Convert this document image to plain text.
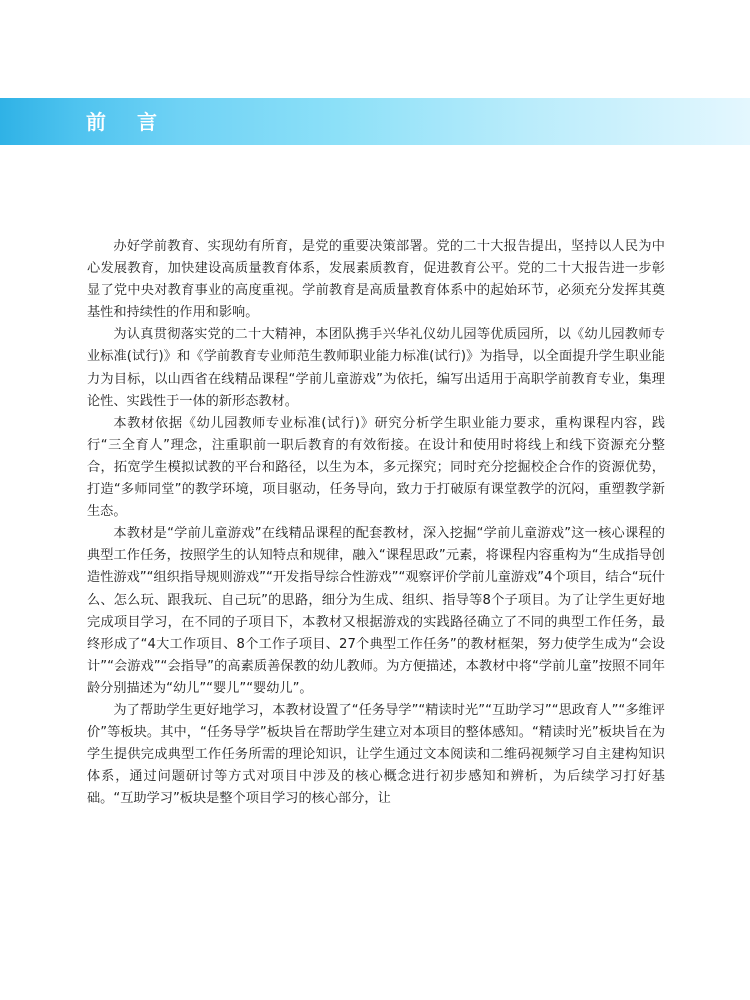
前 言

办好学前教育、实现幼有所育，是党的重要决策部署。党的二十大报告提出，坚持以人民为中心发展教育，加快建设高质量教育体系，发展素质教育，促进教育公平。党的二十大报告进一步彰显了党中央对教育事业的高度重视。学前教育是高质量教育体系中的起始环节，必须充分发挥其奠基性和持续性的作用和影响。

为认真贯彻落实党的二十大精神，本团队携手兴华礼仪幼儿园等优质园所，以《幼儿园教师专业标准(试行)》和《学前教育专业师范生教师职业能力标准(试行)》为指导，以全面提升学生职业能力为目标，以山西省在线精品课程“学前儿童游戏”为依托，编写出适用于高职学前教育专业，集理论性、实践性于一体的新形态教材。

本教材依据《幼儿园教师专业标准(试行)》研究分析学生职业能力要求，重构课程内容，践行“三全育人”理念，注重职前一职后教育的有效衔接。在设计和使用时将线上和线下资源充分整合，拓宽学生模拟试教的平台和路径，以生为本，多元探究；同时充分挖掘校企合作的资源优势，打造“多师同堂”的教学环境，项目驱动，任务导向，致力于打破原有课堂教学的沉闷，重塑教学新生态。

本教材是“学前儿童游戏”在线精品课程的配套教材，深入挖掘“学前儿童游戏”这一核心课程的典型工作任务，按照学生的认知特点和规律，融入“课程思政”元素，将课程内容重构为“生成指导创造性游戏”“组织指导规则游戏”“开发指导综合性游戏”“观察评价学前儿童游戏”4个项目，结合“玩什么、怎么玩、跟我玩、自己玩”的思路，细分为生成、组织、指导等8个子项目。为了让学生更好地完成项目学习，在不同的子项目下，本教材又根据游戏的实践路径确立了不同的典型工作任务，最终形成了“4大工作项目、8个工作子项目、27个典型工作任务”的教材框架，努力使学生成为“会设计”“会游戏”“会指导”的高素质善保教的幼儿教师。为方便描述，本教材中将“学前儿童”按照不同年龄分别描述为“幼儿”“婴儿”“婴幼儿”。

为了帮助学生更好地学习，本教材设置了“任务导学”“精读时光”“互助学习”“思政育人”“多维评价”等板块。其中，“任务导学”板块旨在帮助学生建立对本项目的整体感知。“精读时光”板块旨在为学生提供完成典型工作任务所需的理论知识，让学生通过文本阅读和二维码视频学习自主建构知识体系，通过问题研讨等方式对项目中涉及的核心概念进行初步感知和辨析，为后续学习打好基础。“互助学习”板块是整个项目学习的核心部分，让
